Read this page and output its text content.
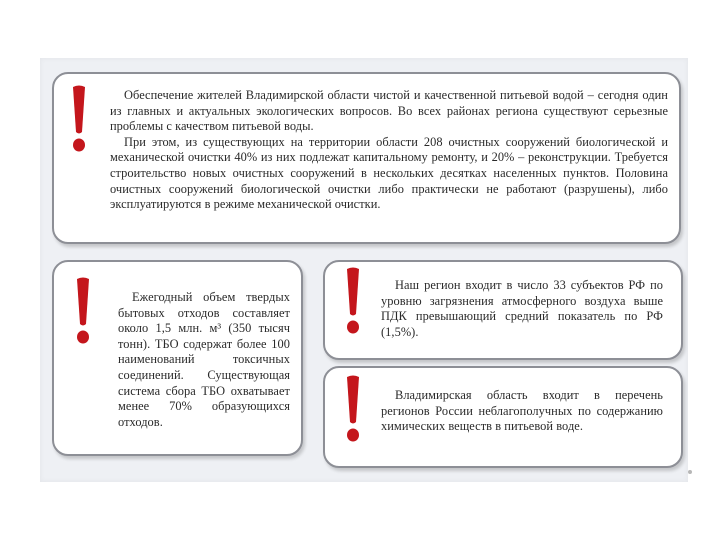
Обеспечение жителей Владимирской области чистой и качественной питьевой водой – сегодня один из главных и актуальных экологических вопросов. Во всех районах региона существуют серьезные проблемы с качеством питьевой воды.

При этом, из существующих на территории области 208 очистных сооружений биологической и механической очистки 40% из них подлежат капитальному ремонту, и 20% – реконструкции. Требуется строительство новых очистных сооружений в нескольких десятках населенных пунктов. Половина очистных сооружений биологической очистки либо практически не работают (разрушены), либо эксплуатируются в режиме механической очистки.

Ежегодный объем твердых бытовых отходов составляет около 1,5 млн. м³ (350 тысяч тонн). ТБО содержат более 100 наименований токсичных соединений. Существующая система сбора ТБО охватывает менее 70% образующихся отходов.

Наш регион входит в число 33 субъектов РФ по уровню загрязнения атмосферного воздуха выше ПДК превышающий средний показатель по РФ (1,5%).

Владимирская область входит в перечень регионов России неблагополучных по содержанию химических веществ в питьевой воде.
